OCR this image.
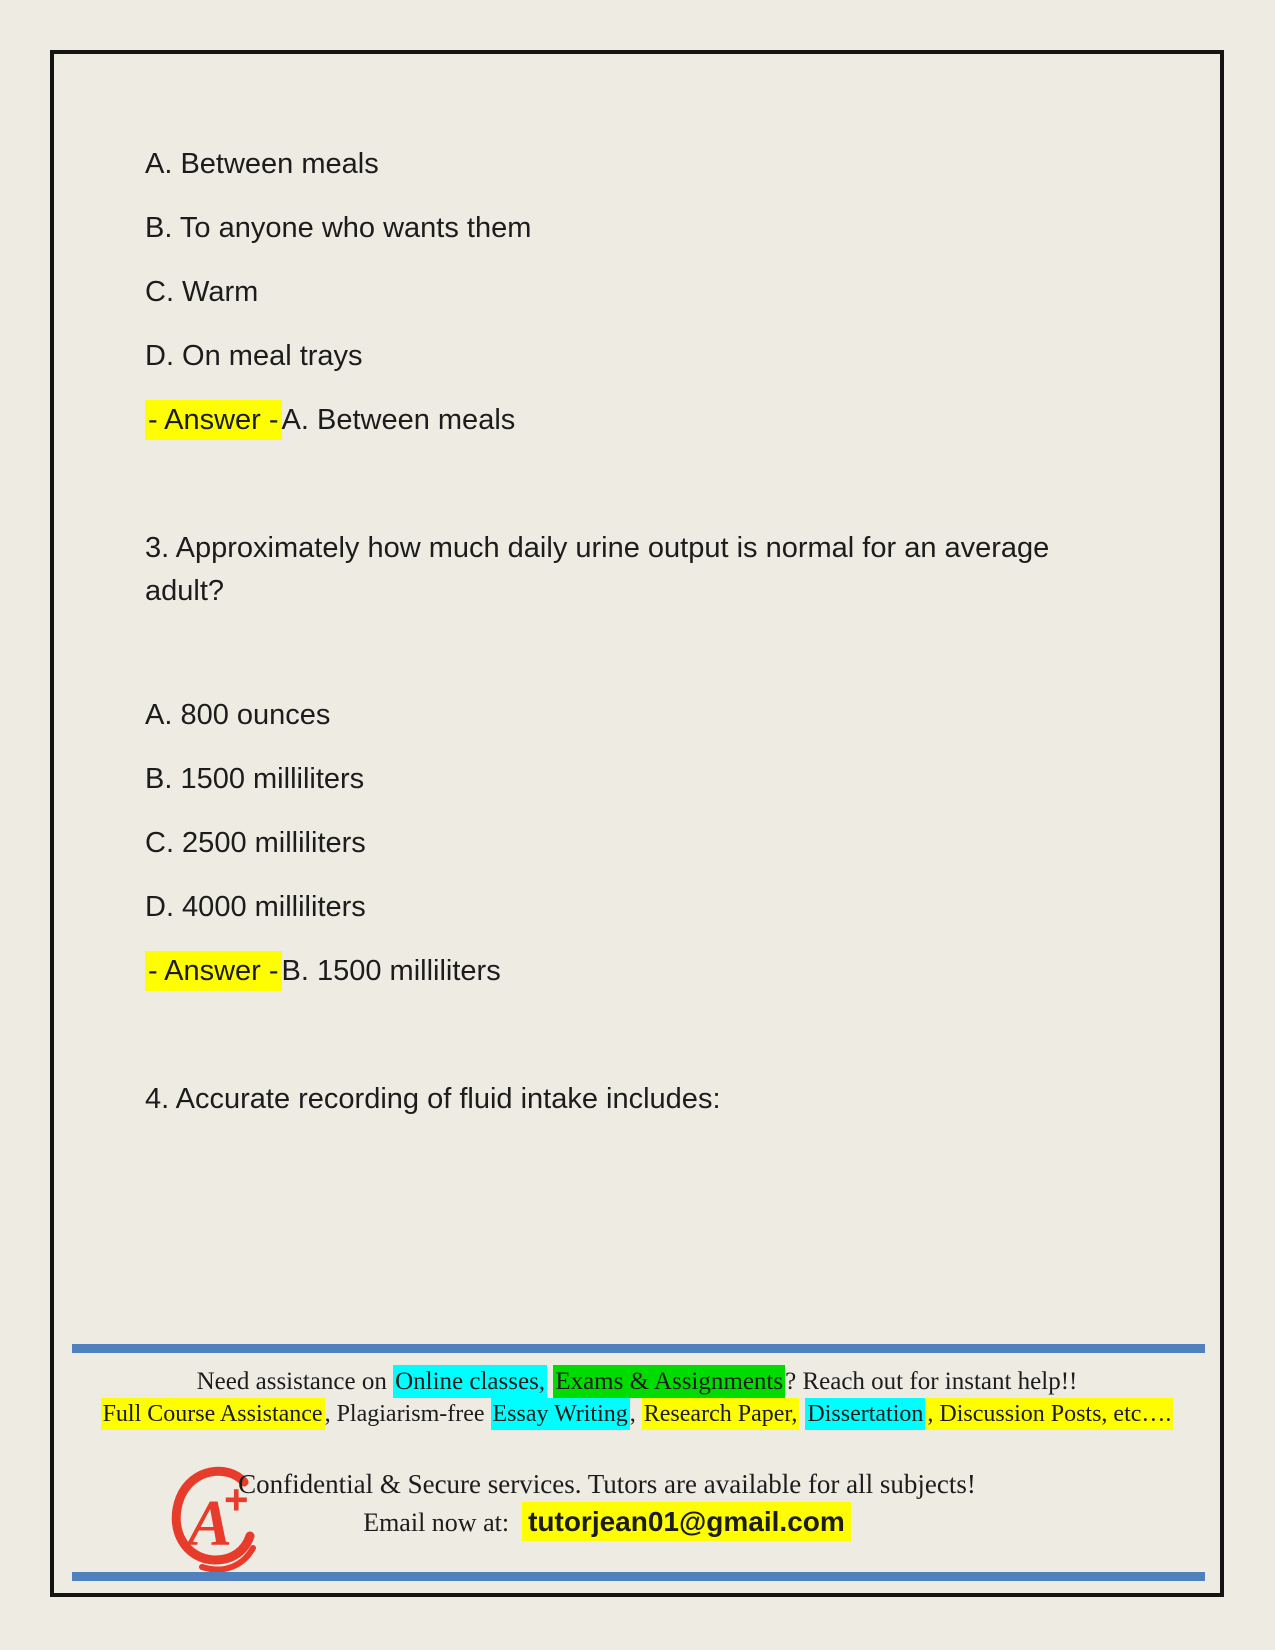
A. Between meals

B. To anyone who wants them

C. Warm

D. On meal trays

- Answer - A. Between meals

3. Approximately how much daily urine output is normal for an average adult?

A. 800 ounces

B. 1500 milliliters

C. 2500 milliliters

D. 4000 milliliters

- Answer - B. 1500 milliliters

4. Accurate recording of fluid intake includes:

Need assistance on Online classes, Exams & Assignments? Reach out for instant help!!

Full Course Assistance, Plagiarism-free Essay Writing, Research Paper, Dissertation , Discussion Posts, etc….

A
+

Confidential & Secure services. Tutors are available for all subjects!

Email now at: tutorjean01@gmail.com
